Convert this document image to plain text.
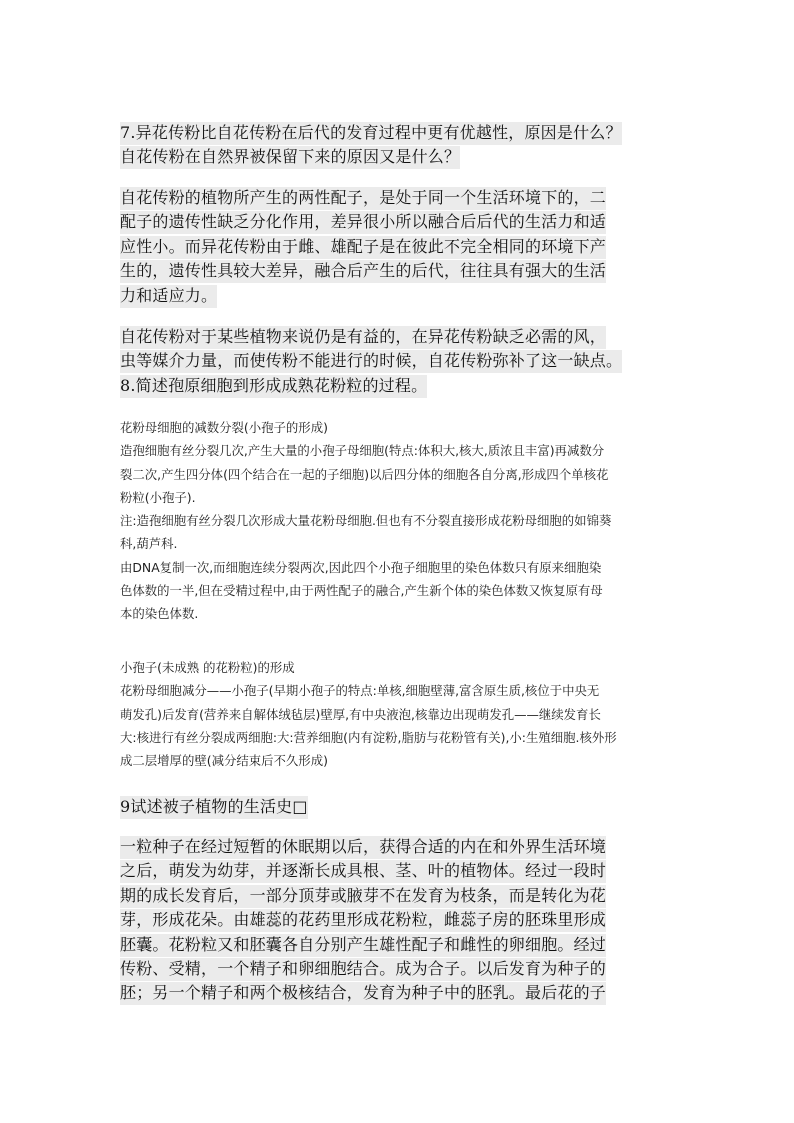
7.异花传粉比自花传粉在后代的发育过程中更有优越性，原因是什么？
自花传粉在自然界被保留下来的原因又是什么？
自花传粉的植物所产生的两性配子，是处于同一个生活环境下的，二
配子的遗传性缺乏分化作用，差异很小所以融合后后代的生活力和适
应性小。而异花传粉由于雌、雄配子是在彼此不完全相同的环境下产
生的，遗传性具较大差异，融合后产生的后代，往往具有强大的生活
力和适应力。
自花传粉对于某些植物来说仍是有益的，在异花传粉缺乏必需的风，
虫等媒介力量，而使传粉不能进行的时候，自花传粉弥补了这一缺点。
8.简述孢原细胞到形成成熟花粉粒的过程。
花粉母细胞的减数分裂(小孢子的形成)
造孢细胞有丝分裂几次,产生大量的小孢子母细胞(特点:体积大,核大,质浓且丰富)再减数分
裂二次,产生四分体(四个结合在一起的子细胞)以后四分体的细胞各自分离,形成四个单核花
粉粒(小孢子).
注:造孢细胞有丝分裂几次形成大量花粉母细胞.但也有不分裂直接形成花粉母细胞的如锦葵
科,葫芦科.
由DNA复制一次,而细胞连续分裂两次,因此四个小孢子细胞里的染色体数只有原来细胞染
色体数的一半,但在受精过程中,由于两性配子的融合,产生新个体的染色体数又恢复原有母
本的染色体数.
小孢子(未成熟 的花粉粒)的形成
花粉母细胞减分——小孢子(早期小孢子的特点:单核,细胞壁薄,富含原生质,核位于中央无
萌发孔)后发育(营养来自解体绒毡层)壁厚,有中央液泡,核靠边出现萌发孔——继续发育长
大:核进行有丝分裂成两细胞:大:营养细胞(内有淀粉,脂肪与花粉管有关),小:生殖细胞.核外形
成二层增厚的壁(减分结束后不久形成)
9试述被子植物的生活史□
一粒种子在经过短暂的休眠期以后，获得合适的内在和外界生活环境
之后，萌发为幼芽，并逐渐长成具根、茎、叶的植物体。经过一段时
期的成长发育后，一部分顶芽或腋芽不在发育为枝条，而是转化为花
芽，形成花朵。由雄蕊的花药里形成花粉粒，雌蕊子房的胚珠里形成
胚囊。花粉粒又和胚囊各自分别产生雄性配子和雌性的卵细胞。经过
传粉、受精，一个精子和卵细胞结合。成为合子。以后发育为种子的
胚；另一个精子和两个极核结合，发育为种子中的胚乳。最后花的子
